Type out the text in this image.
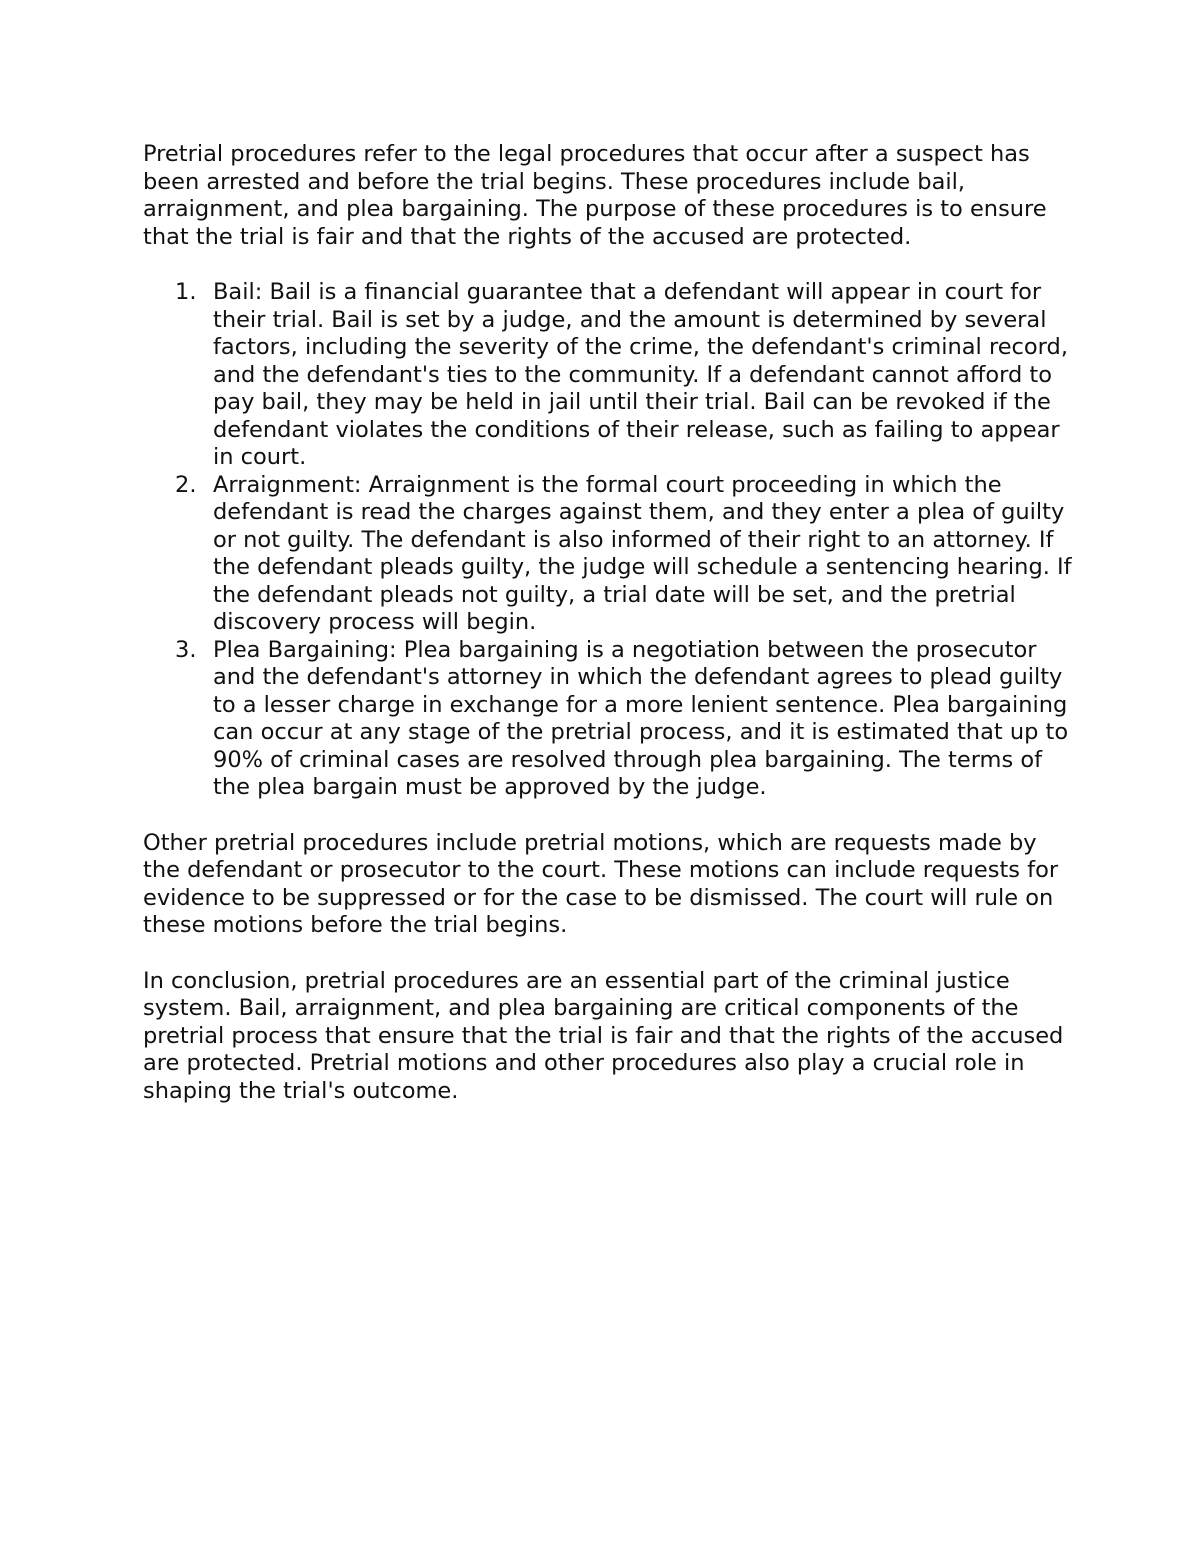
Pretrial procedures refer to the legal procedures that occur after a suspect has been arrested and before the trial begins. These procedures include bail, arraignment, and plea bargaining. The purpose of these procedures is to ensure that the trial is fair and that the rights of the accused are protected.

1. Bail: Bail is a financial guarantee that a defendant will appear in court for their trial. Bail is set by a judge, and the amount is determined by several factors, including the severity of the crime, the defendant's criminal record, and the defendant's ties to the community. If a defendant cannot afford to pay bail, they may be held in jail until their trial. Bail can be revoked if the defendant violates the conditions of their release, such as failing to appear in court.
2. Arraignment: Arraignment is the formal court proceeding in which the defendant is read the charges against them, and they enter a plea of guilty or not guilty. The defendant is also informed of their right to an attorney. If the defendant pleads guilty, the judge will schedule a sentencing hearing. If the defendant pleads not guilty, a trial date will be set, and the pretrial discovery process will begin.
3. Plea Bargaining: Plea bargaining is a negotiation between the prosecutor and the defendant's attorney in which the defendant agrees to plead guilty to a lesser charge in exchange for a more lenient sentence. Plea bargaining can occur at any stage of the pretrial process, and it is estimated that up to 90% of criminal cases are resolved through plea bargaining. The terms of the plea bargain must be approved by the judge.

Other pretrial procedures include pretrial motions, which are requests made by the defendant or prosecutor to the court. These motions can include requests for evidence to be suppressed or for the case to be dismissed. The court will rule on these motions before the trial begins.

In conclusion, pretrial procedures are an essential part of the criminal justice system. Bail, arraignment, and plea bargaining are critical components of the pretrial process that ensure that the trial is fair and that the rights of the accused are protected. Pretrial motions and other procedures also play a crucial role in shaping the trial's outcome.
